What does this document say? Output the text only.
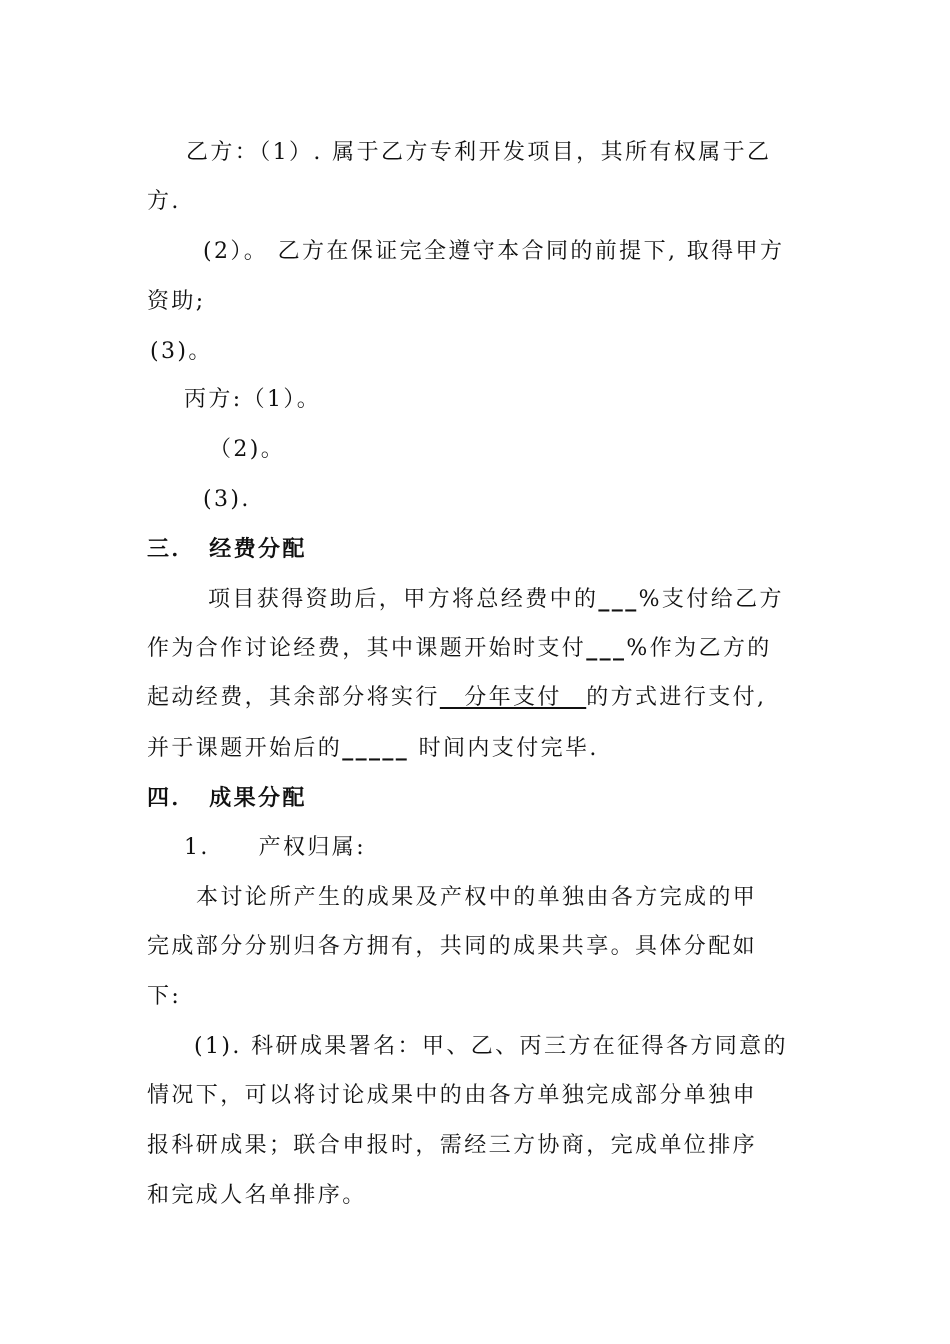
乙方：（1）. 属于乙方专利开发项目，其所有权属于乙
方.
(2）。 乙方在保证完全遵守本合同的前提下, 取得甲方
资助;
(3)。
丙方:（1）。
（2)。
(3).
三．　经费分配
项目获得资助后，甲方将总经费中的___%支付给乙方
作为合作讨论经费，其中课题开始时支付___%作为乙方的
起动经费，其余部分将实行　分年支付　的方式进行支付,
并于课题开始后的_____ 时间内支付完毕.
四．　成果分配
1.　　产权归属:
本讨论所产生的成果及产权中的单独由各方完成的甲
完成部分分别归各方拥有，共同的成果共享。具体分配如
下:
(1). 科研成果署名：甲、乙、丙三方在征得各方同意的
情况下，可以将讨论成果中的由各方单独完成部分单独申
报科研成果；联合申报时，需经三方协商，完成单位排序
和完成人名单排序。
